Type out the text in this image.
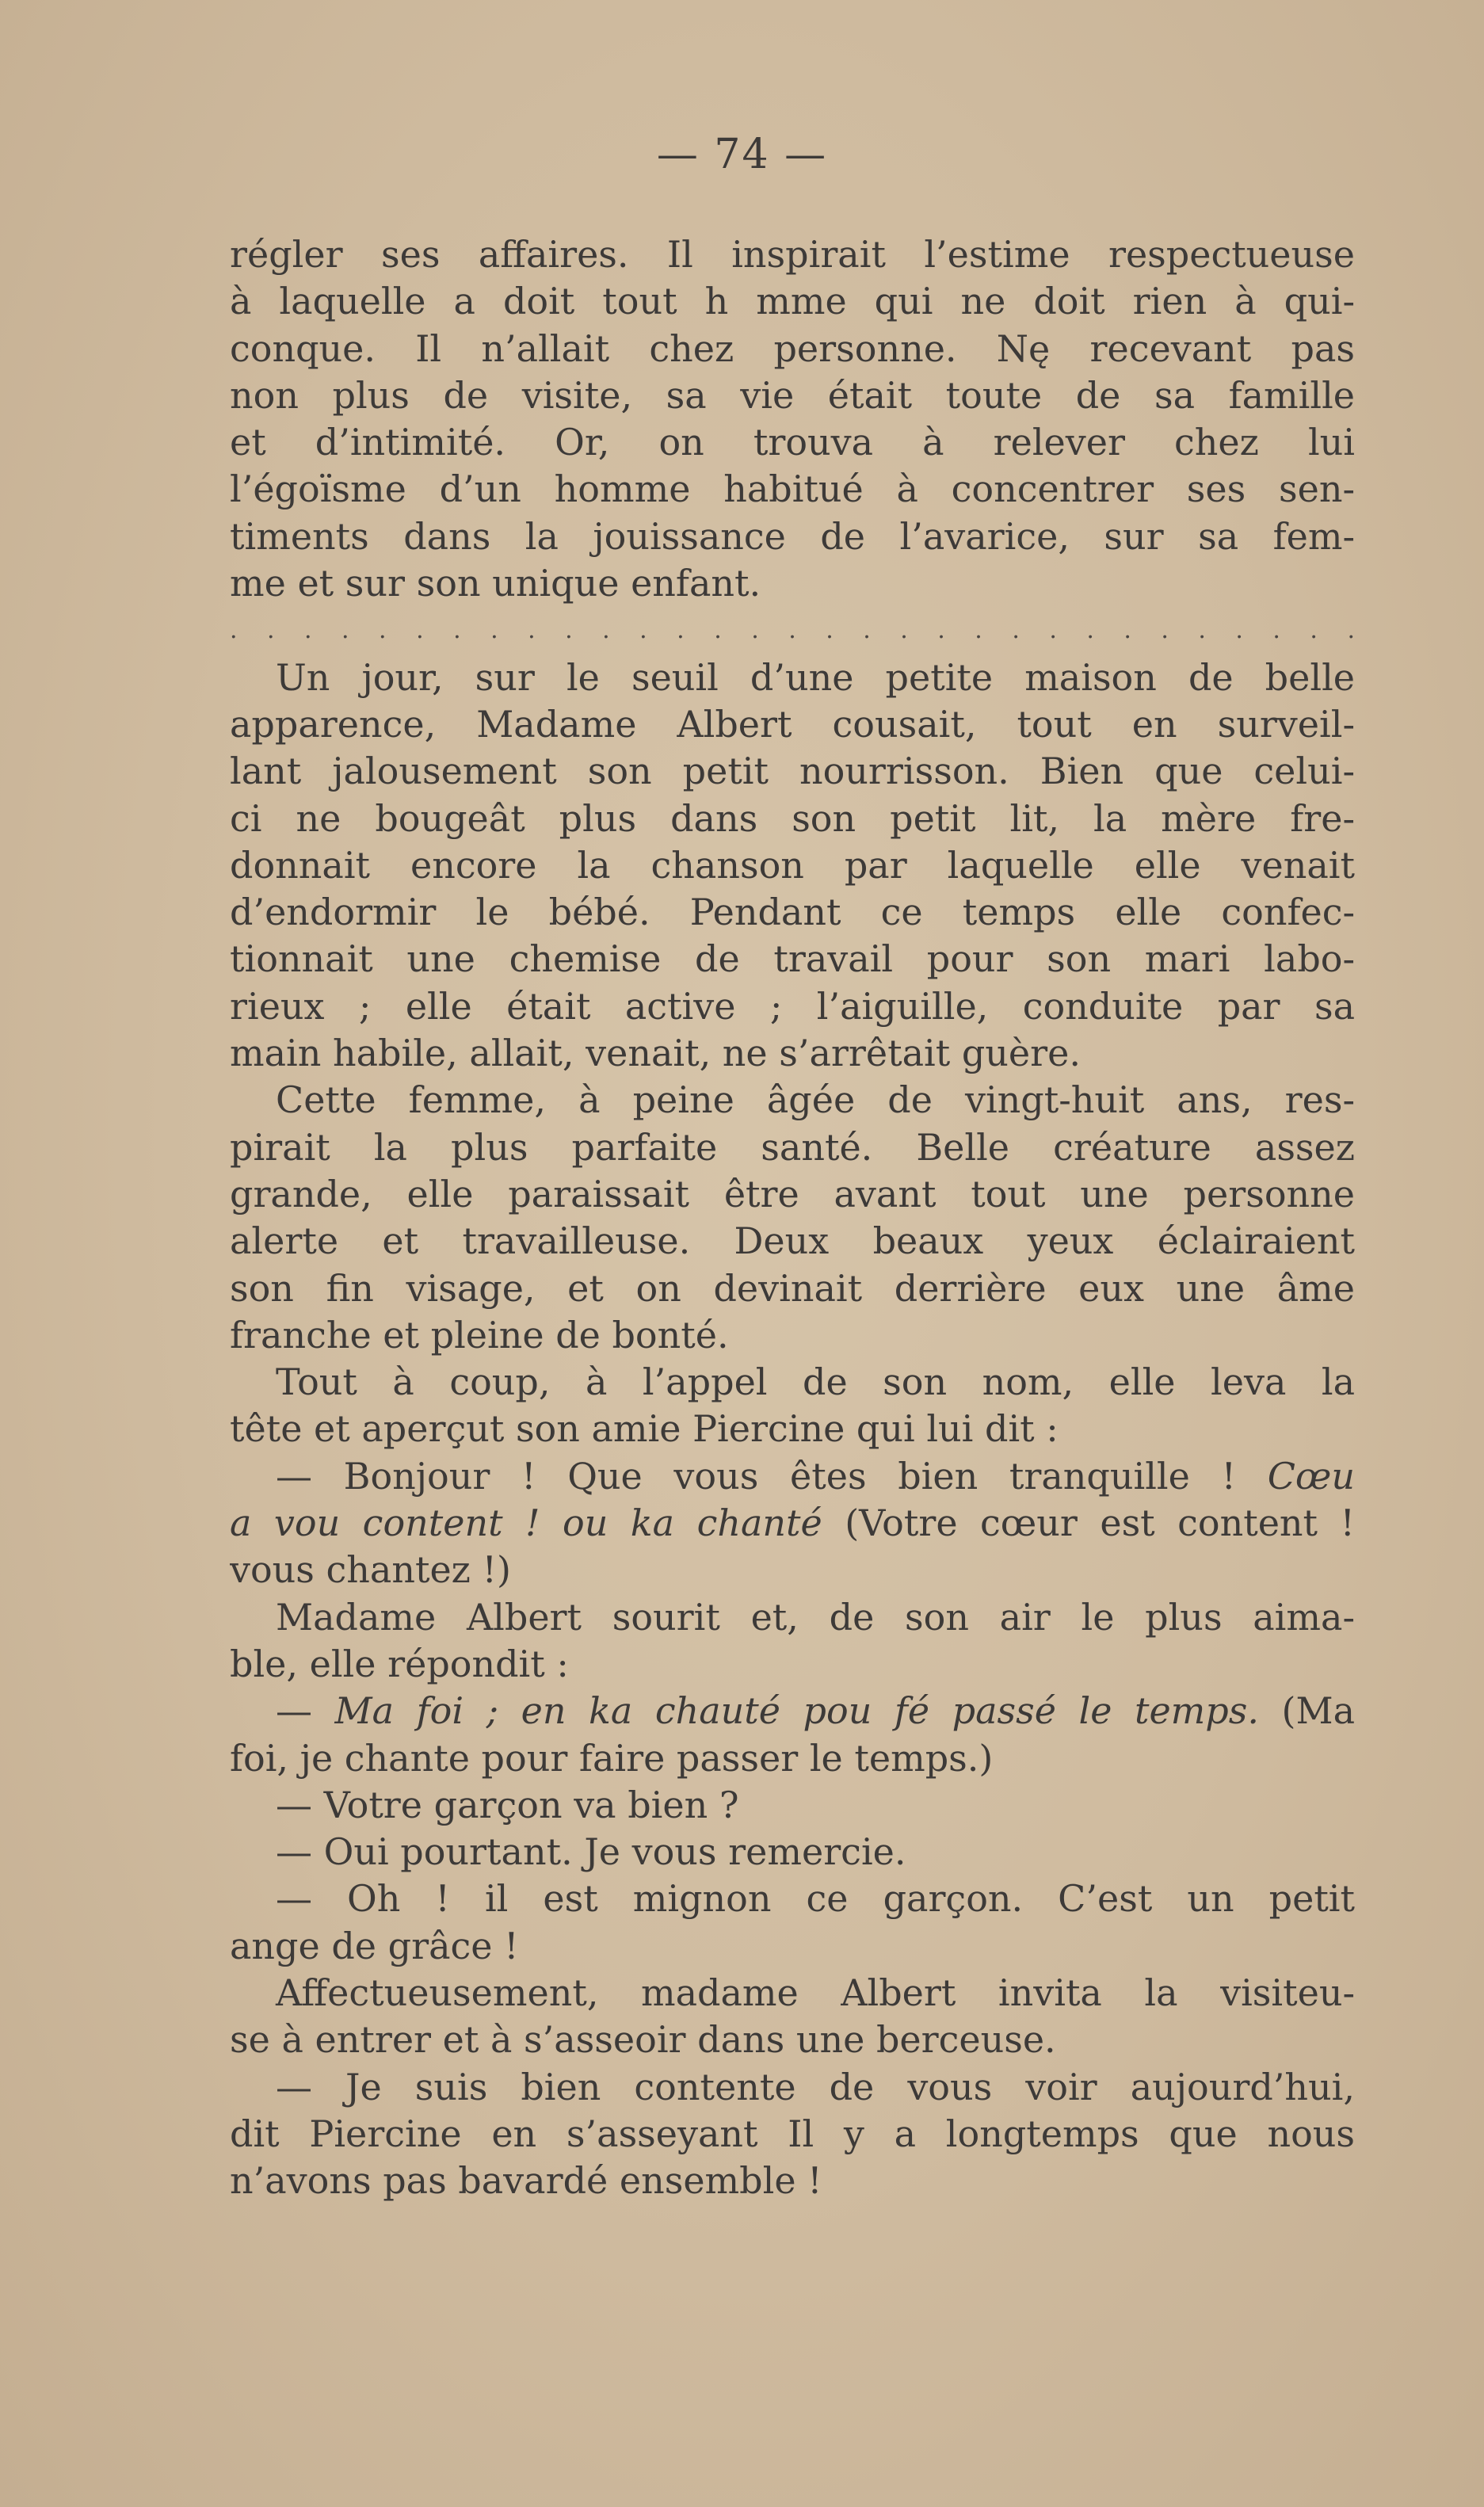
— 74 —
régler ses affaires. Il inspirait l’estime respectueuse
à laquelle a doit tout h mme qui ne doit rien à qui-
conque. Il n’allait chez personne. Nę recevant pas
non plus de visite, sa vie était toute de sa famille
et d’intimité. Or, on trouva à relever chez lui
l’égoïsme d’un homme habitué à concentrer ses sen-
timents dans la jouissance de l’avarice, sur sa fem-
me et sur son unique enfant.
. . . . . . . . . . . . . . . . . . . . . . . . . . . . . . .
Un jour, sur le seuil d’une petite maison de belle
apparence, Madame Albert cousait, tout en surveil-
lant jalousement son petit nourrisson. Bien que celui-
ci ne bougeât plus dans son petit lit, la mère fre-
donnait encore la chanson par laquelle elle venait
d’endormir le bébé. Pendant ce temps elle confec-
tionnait une chemise de travail pour son mari labo-
rieux ; elle était active ; l’aiguille, conduite par sa
main habile, allait, venait, ne s’arrêtait guère.
Cette femme, à peine âgée de vingt-huit ans, res-
pirait la plus parfaite santé. Belle créature assez
grande, elle paraissait être avant tout une personne
alerte et travailleuse. Deux beaux yeux éclairaient
son fin visage, et on devinait derrière eux une âme
franche et pleine de bonté.
Tout à coup, à l’appel de son nom, elle leva la
tête et aperçut son amie Piercine qui lui dit :
— Bonjour ! Que vous êtes bien tranquille ! Cœu
a vou content ! ou ka chanté (Votre cœur est content !
vous chantez !)
Madame Albert sourit et, de son air le plus aima-
ble, elle répondit :
— Ma foi ; en ka chauté pou fé passé le temps. (Ma
foi, je chante pour faire passer le temps.)
— Votre garçon va bien ?
— Oui pourtant. Je vous remercie.
— Oh ! il est mignon ce garçon. C’est un petit
ange de grâce !
Affectueusement, madame Albert invita la visiteu-
se à entrer et à s’asseoir dans une berceuse.
— Je suis bien contente de vous voir aujourd’hui,
dit Piercine en s’asseyant Il y a longtemps que nous
n’avons pas bavardé ensemble !
